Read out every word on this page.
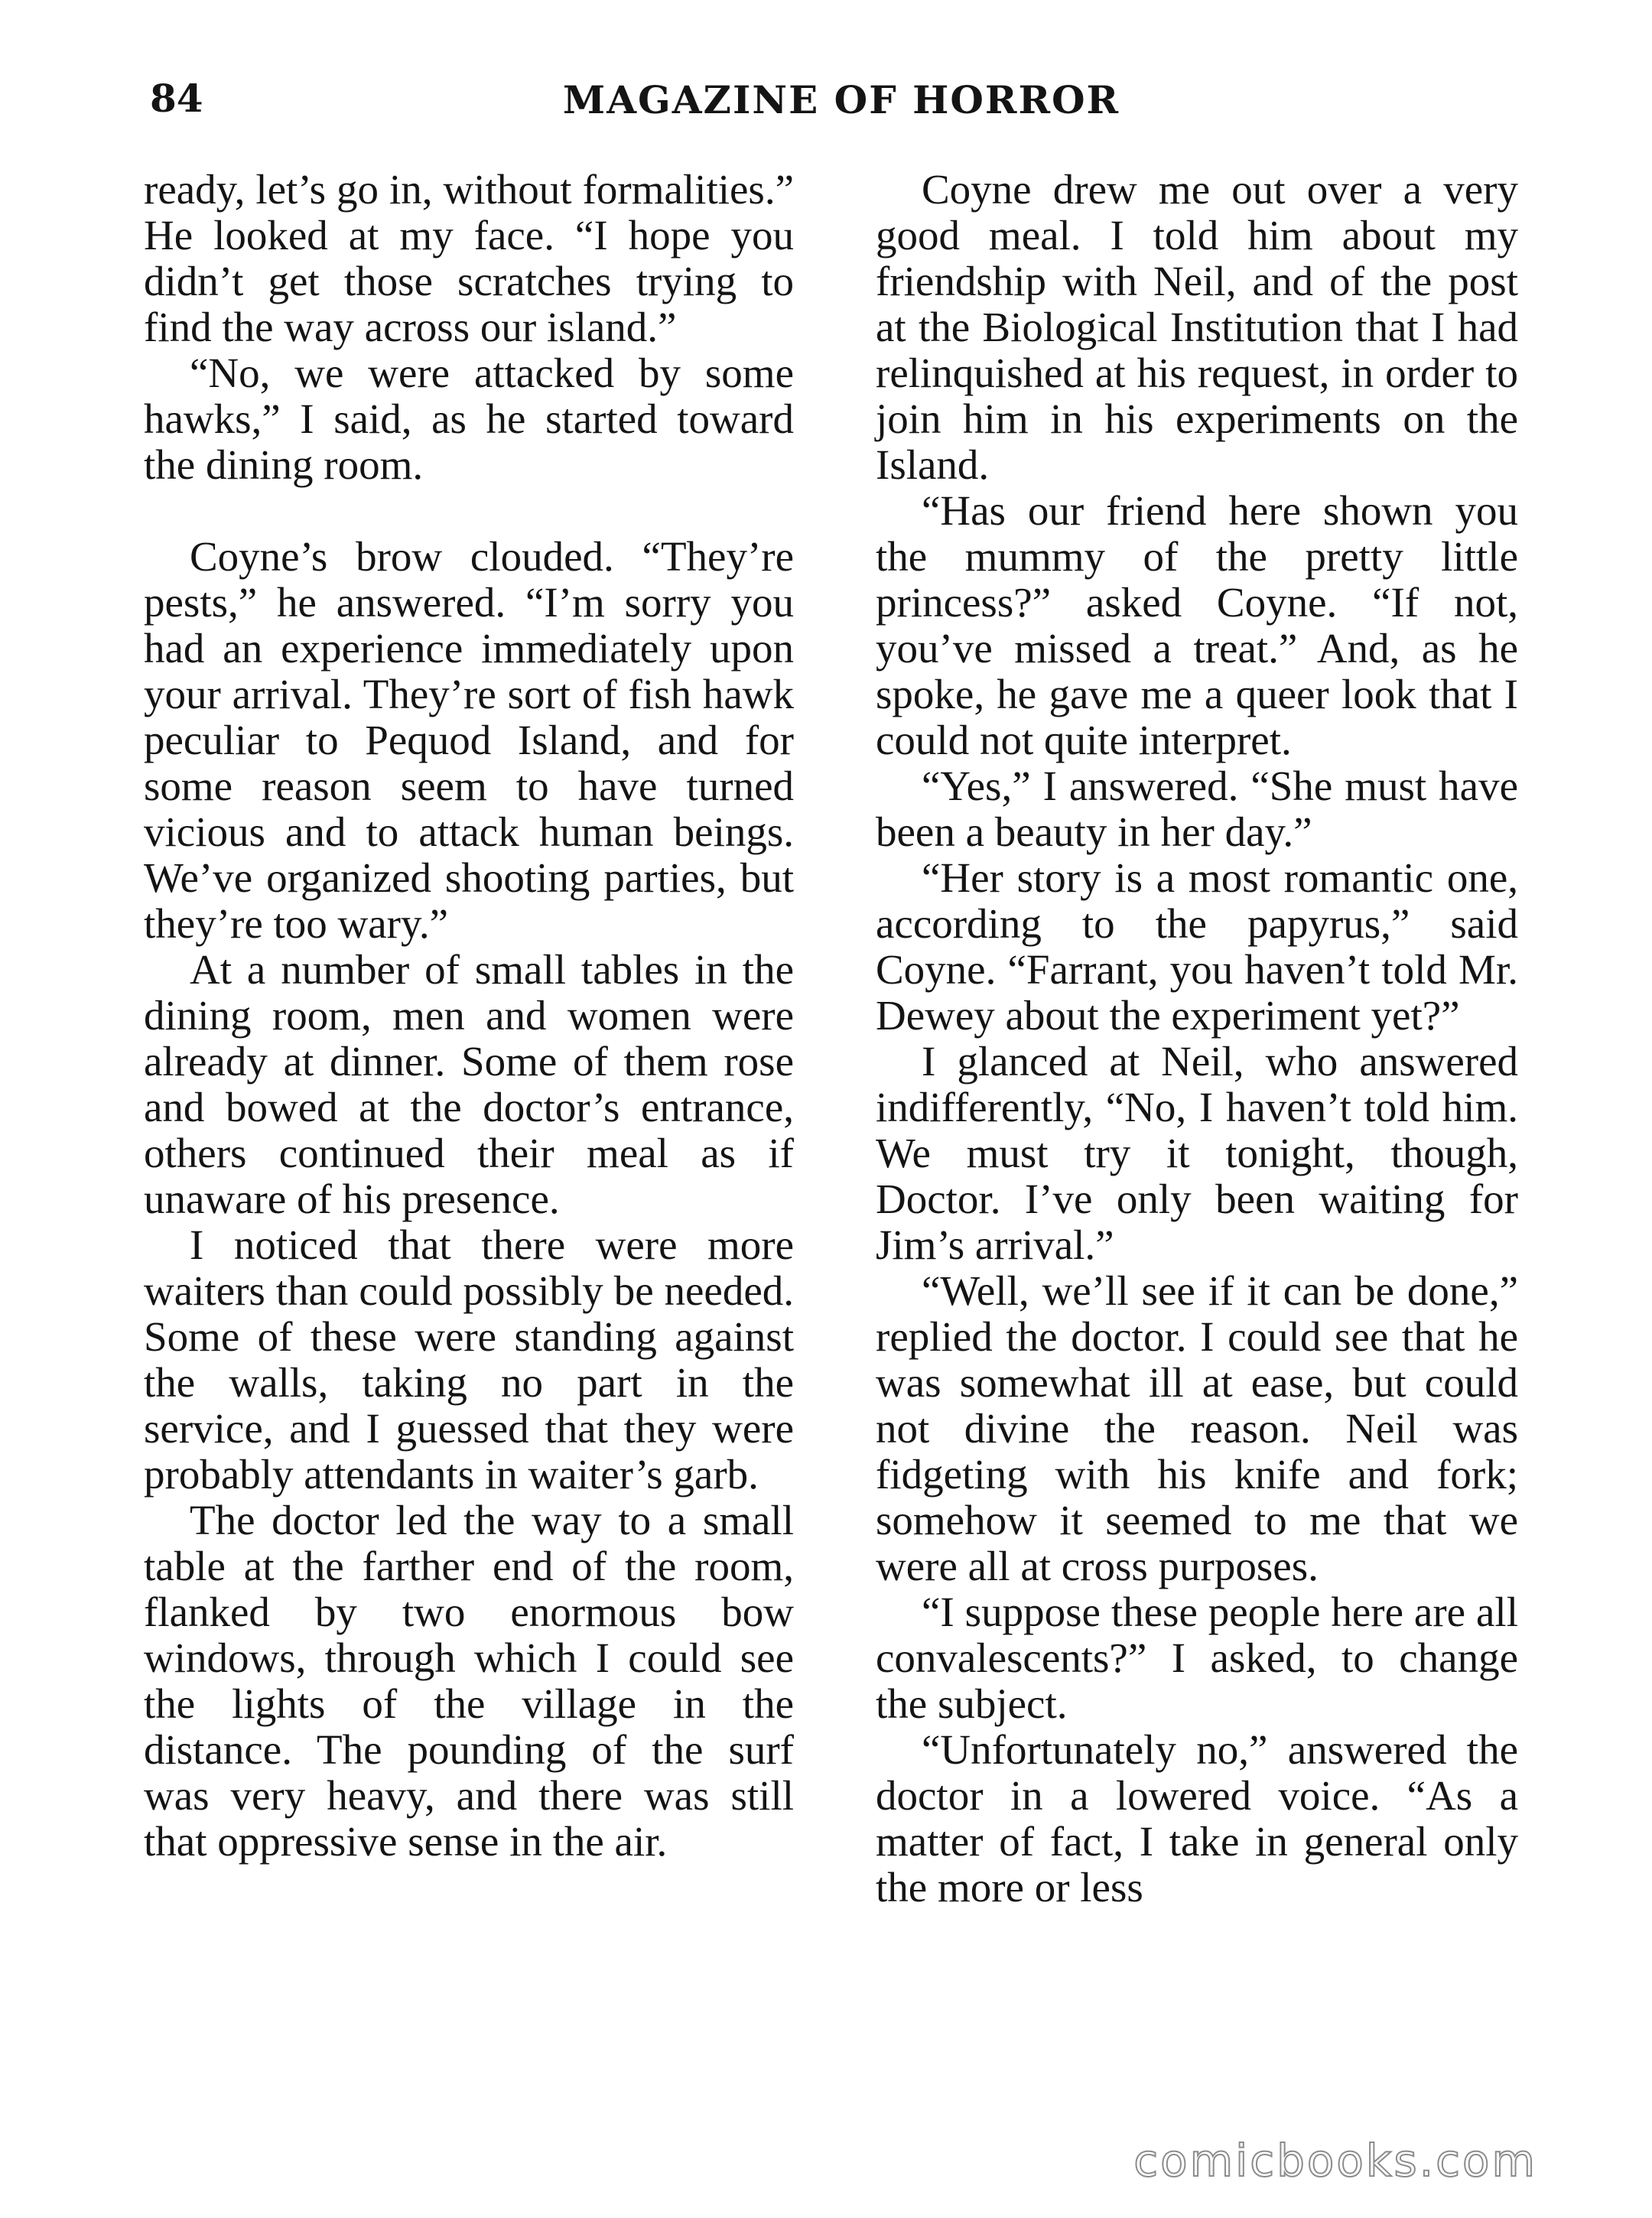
84	MAGAZINE OF HORROR

ready, let’s go in, without formalities.” He looked at my face. “I hope you didn’t get those scratches trying to find the way across our island.”

“No, we were attacked by some hawks,” I said, as he started toward the dining room.

Coyne’s brow clouded. “They’re pests,” he answered. “I’m sorry you had an experience immediately upon your arrival. They’re sort of fish hawk peculiar to Pequod Island, and for some reason seem to have turned vicious and to attack human beings. We’ve organized shooting parties, but they’re too wary.”

At a number of small tables in the dining room, men and women were already at dinner. Some of them rose and bowed at the doctor’s entrance, others continued their meal as if unaware of his presence.

I noticed that there were more waiters than could possibly be needed. Some of these were standing against the walls, taking no part in the service, and I guessed that they were probably attendants in waiter’s garb.

The doctor led the way to a small table at the farther end of the room, flanked by two enormous bow windows, through which I could see the lights of the village in the distance. The pounding of the surf was very heavy, and there was still that oppressive sense in the air.

Coyne drew me out over a very good meal. I told him about my friendship with Neil, and of the post at the Biological Institution that I had relinquished at his request, in order to join him in his experiments on the Island.

“Has our friend here shown you the mummy of the pretty little princess?” asked Coyne. “If not, you’ve missed a treat.” And, as he spoke, he gave me a queer look that I could not quite interpret.

“Yes,” I answered. “She must have been a beauty in her day.”

“Her story is a most romantic one, according to the papyrus,” said Coyne. “Farrant, you haven’t told Mr. Dewey about the experiment yet?”

I glanced at Neil, who answered indifferently, “No, I haven’t told him. We must try it tonight, though, Doctor. I’ve only been waiting for Jim’s arrival.”

“Well, we’ll see if it can be done,” replied the doctor. I could see that he was somewhat ill at ease, but could not divine the reason. Neil was fidgeting with his knife and fork; somehow it seemed to me that we were all at cross purposes.

“I suppose these people here are all convalescents?” I asked, to change the subject.

“Unfortunately no,” answered the doctor in a lowered voice. “As a matter of fact, I take in general only the more or less

comicbooks.com
